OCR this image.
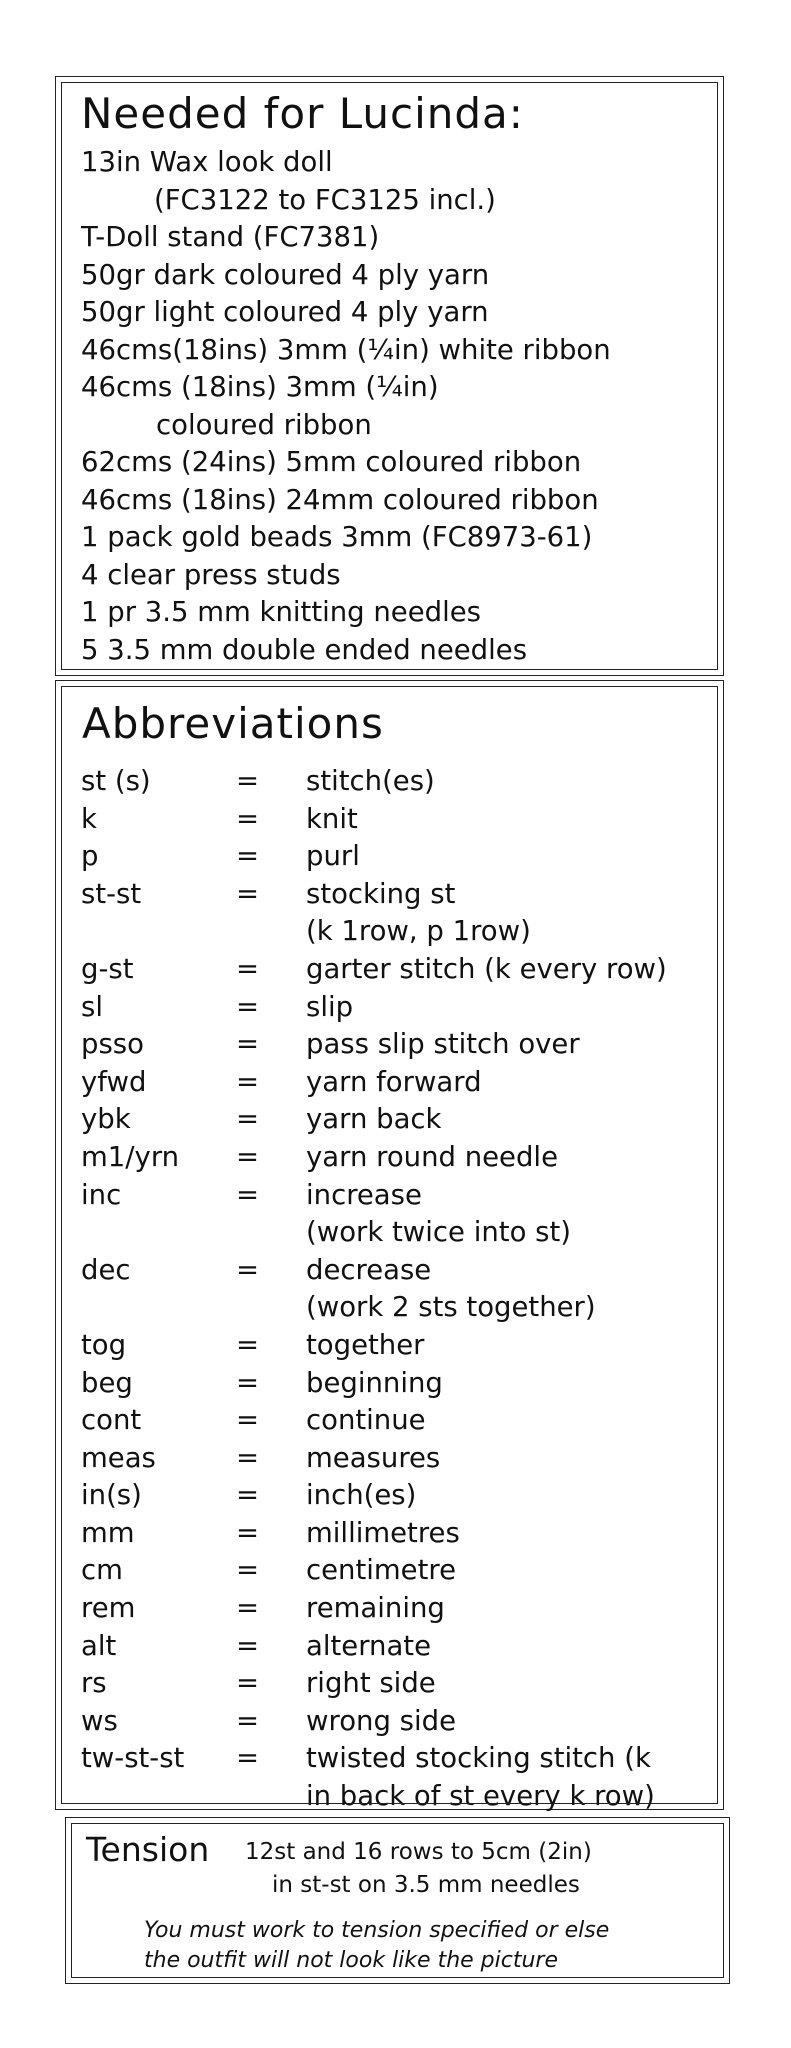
Needed for Lucinda:
13in Wax look doll
(FC3122 to FC3125 incl.)
T-Doll stand (FC7381)
50gr dark coloured 4 ply yarn
50gr light coloured 4 ply yarn
46cms(18ins) 3mm (¼in) white ribbon
46cms (18ins) 3mm (¼in)
coloured ribbon
62cms (24ins) 5mm coloured ribbon
46cms (18ins) 24mm coloured ribbon
1 pack gold beads 3mm (FC8973-61)
4 clear press studs
1 pr 3.5 mm knitting needles
5 3.5 mm double ended needles
Abbreviations
st (s)	= stitch(es)
k	= knit
p	= purl
st-st	= stocking st
(k 1row, p 1row)
g-st	= garter stitch (k every row)
sl	= slip
psso	= pass slip stitch over
yfwd	= yarn forward
ybk	= yarn back
m1/yrn = yarn round needle
inc	= increase
(work twice into st)
dec	= decrease
(work 2 sts together)
tog	= together
beg	= beginning
cont	= continue
meas	= measures
in(s)	= inch(es)
mm	= millimetres
cm	= centimetre
rem	= remaining
alt	= alternate
rs	= right side
ws	= wrong side
tw-st-st = twisted stocking stitch (k
in back of st every k row)
Tension 12st and 16 rows to 5cm (2in)
in st-st on 3.5 mm needles
You must work to tension specified or else
the outfit will not look like the picture
